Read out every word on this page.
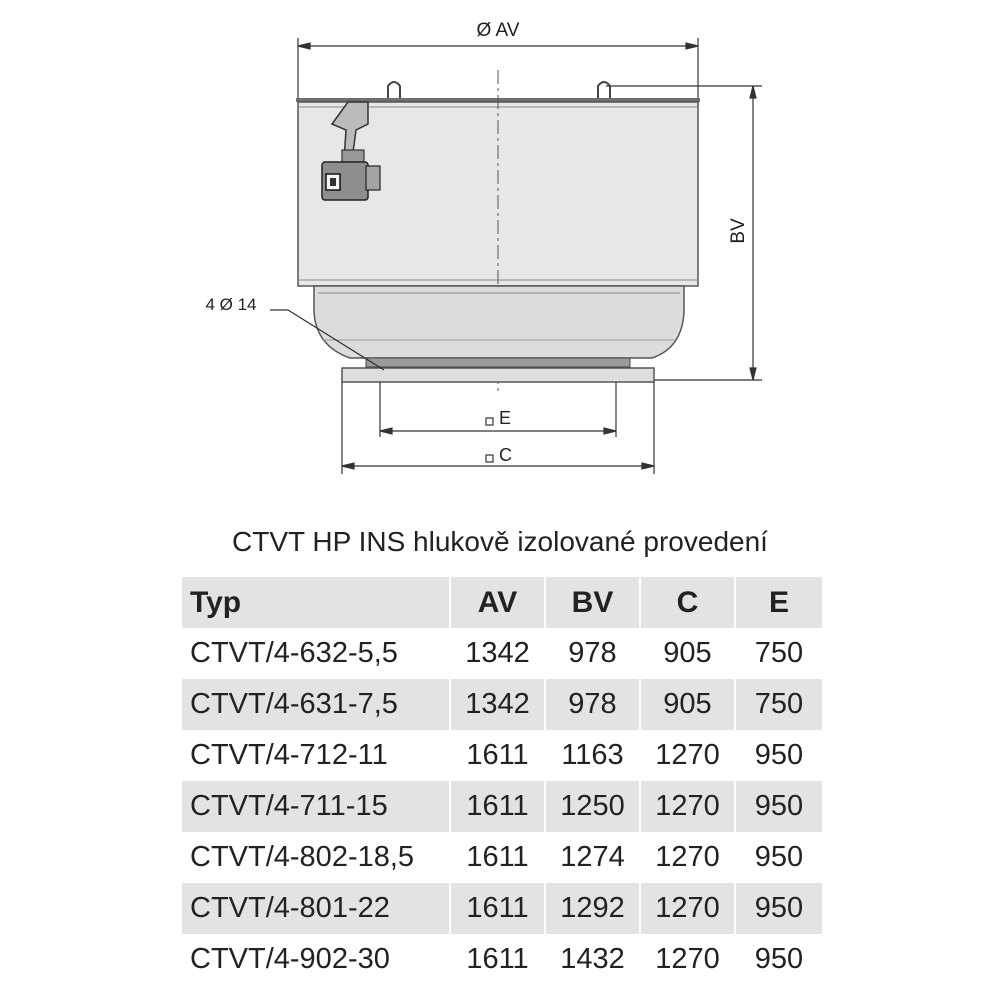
Ø AV
BV
4 Ø 14
E
C
CTVT HP INS hlukově izolované provedení
Typ	AV	BV	C	E
CTVT/4-632-5,5	1342	978	905	750
CTVT/4-631-7,5	1342	978	905	750
CTVT/4-712-11	1611	1163	1270	950
CTVT/4-711-15	1611	1250	1270	950
CTVT/4-802-18,5	1611	1274	1270	950
CTVT/4-801-22	1611	1292	1270	950
CTVT/4-902-30	1611	1432	1270	950
